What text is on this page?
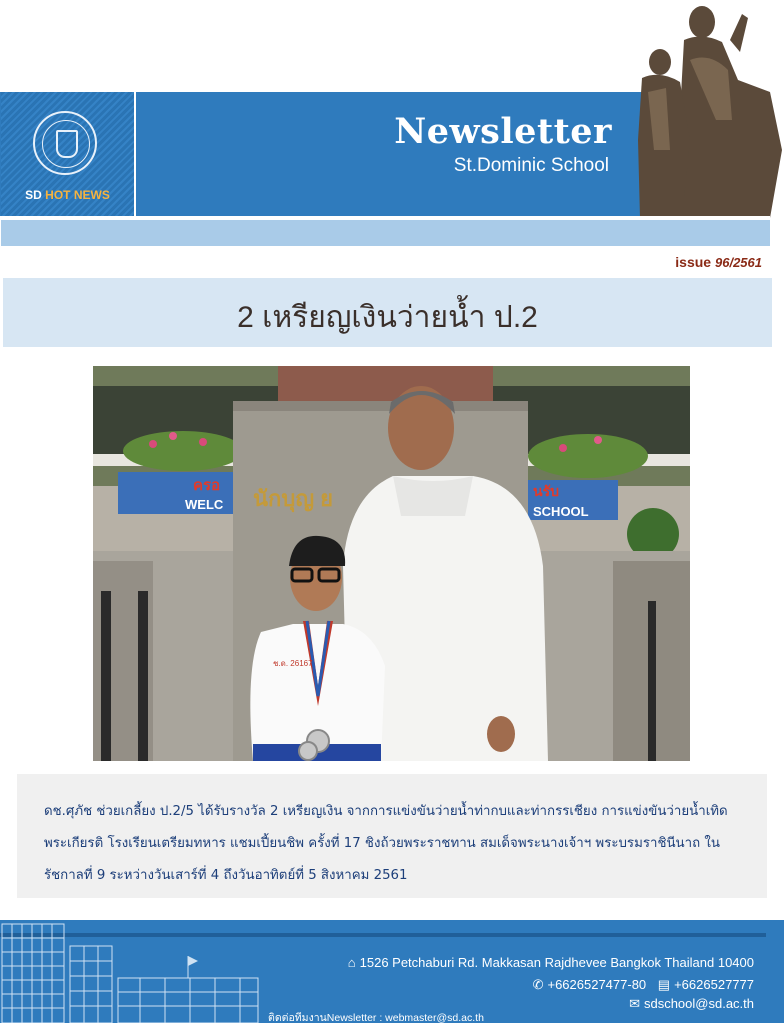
SD HOT NEWS
Newsletter
St.Dominic School
issue 96/2561
2 เหรียญเงินว่ายน้ำ ป.2
ครอ
WELC
นรับ
SCHOOL
นักบุญ ย
ช.ด. 26167
ดช.ศุภัช ช่วยเกลี้ยง ป.2/5 ได้รับรางวัล 2 เหรียญเงิน จากการแข่งขันว่ายน้ำท่ากบและท่ากรรเชียง การแข่งขันว่ายน้ำเทิดพระเกียรติ โรงเรียนเตรียมทหาร แชมเปี้ยนชิพ ครั้งที่ 17 ชิงถ้วยพระราชทาน สมเด็จพระนางเจ้าฯ พระบรมราชินีนาถ ในรัชกาลที่ 9 ระหว่างวันเสาร์ที่ 4 ถึงวันอาทิตย์ที่ 5 สิงหาคม 2561
⌂ 1526 Petchaburi Rd. Makkasan Rajdhevee Bangkok Thailand 10400
✆ +6626527477-80 ▤ +6626527777
✉ sdschool@sd.ac.th
ติดต่อทีมงานNewsletter : webmaster@sd.ac.th
